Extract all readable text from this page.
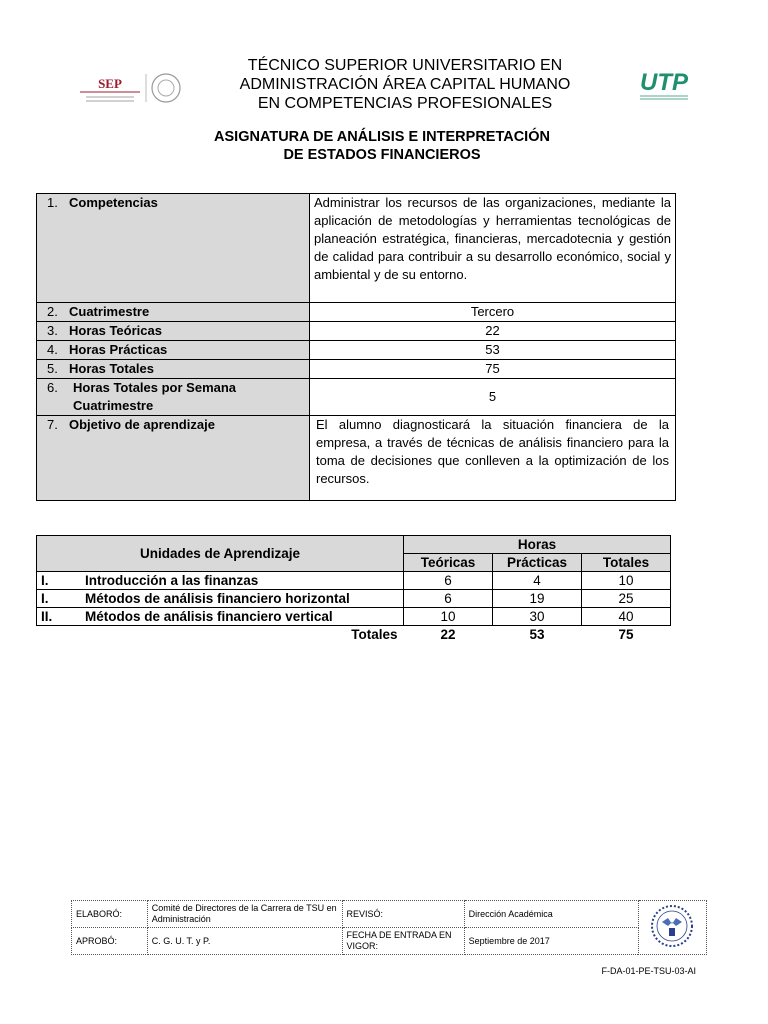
SEP	UTP
TÉCNICO SUPERIOR UNIVERSITARIO EN
ADMINISTRACIÓN ÁREA CAPITAL HUMANO
EN COMPETENCIAS PROFESIONALES
ASIGNATURA DE ANÁLISIS E INTERPRETACIÓN
DE ESTADOS FINANCIEROS
1. Competencias	Administrar los recursos de las organizaciones, mediante la aplicación de metodologías y herramientas tecnológicas de planeación estratégica, financieras, mercadotecnia y gestión de calidad para contribuir a su desarrollo económico, social y ambiental y de su entorno.
2. Cuatrimestre	Tercero
3. Horas Teóricas	22
4. Horas Prácticas	53
5. Horas Totales	75

6. Horas Totales por Semana Cuatrimestre	5
7. Objetivo de aprendizaje	El alumno diagnosticará la situación financiera de la empresa, a través de técnicas de análisis financiero para la toma de decisiones que conlleven a la optimización de los recursos.
Unidades de Aprendizaje		Horas		
		Teóricas	Prácticas	Totales
I.	Introducción a las finanzas	6	4	10
I.	Métodos de análisis financiero horizontal	6	19	25
II.	Métodos de análisis financiero vertical	10	30	40
Totales		22	53	75
ELABORÓ:	Comité de Directores de la Carrera de TSU en Administración	REVISÓ:	Dirección Académica	
APROBÓ:	C. G. U. T. y P.	FECHA DE ENTRADA EN VIGOR:	Septiembre de 2017	
F-DA-01-PE-TSU-03-AI
